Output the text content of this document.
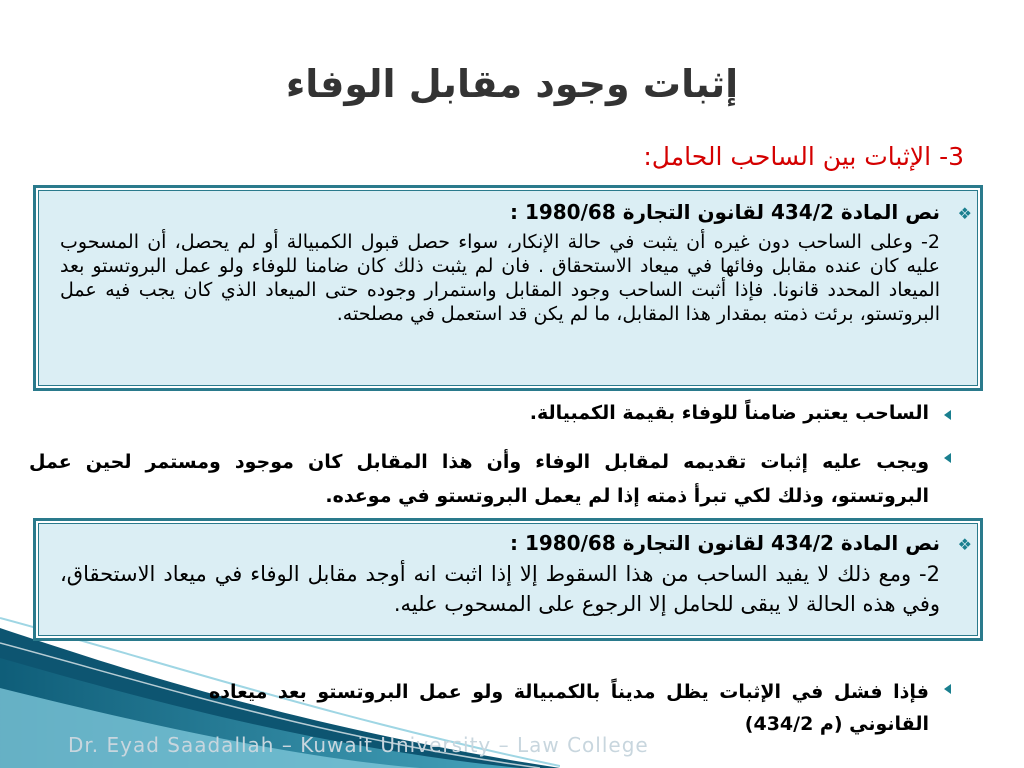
إثبات وجود مقابل الوفاء
3- الإثبات بين الساحب الحامل:
❖
نص المادة 434/2 لقانون التجارة 1980/68 :
2- وعلى الساحب دون غيره أن يثبت في حالة الإنكار، سواء حصل قبول الكمبيالة أو لم يحصل، أن المسحوب عليه كان عنده مقابل وفائها في ميعاد الاستحقاق . فان لم يثبت ذلك كان ضامنا للوفاء ولو عمل البروتستو بعد الميعاد المحدد قانونا. فإذا أثبت الساحب وجود المقابل واستمرار وجوده حتى الميعاد الذي كان يجب فيه عمل البروتستو، برئت ذمته بمقدار هذا المقابل، ما لم يكن قد استعمل في مصلحته.
الساحب يعتبر ضامناً للوفاء بقيمة الكمبيالة.
ويجب عليه إثبات تقديمه لمقابل الوفاء وأن هذا المقابل كان موجود ومستمر لحين عمل البروتستو، وذلك لكي تبرأ ذمته إذا لم يعمل البروتستو في موعده.
❖
نص المادة 434/2 لقانون التجارة 1980/68 :
2- ومع ذلك لا يفيد الساحب من هذا السقوط إلا إذا اثبت انه أوجد مقابل الوفاء في ميعاد الاستحقاق، وفي هذه الحالة لا يبقى للحامل إلا الرجوع على المسحوب عليه.
فإذا فشل في الإثبات يظل مديناً بالكمبيالة ولو عمل البروتستو بعد ميعاده القانوني (م 434/2)
Dr. Eyad Saadallah – Kuwait University – Law College
